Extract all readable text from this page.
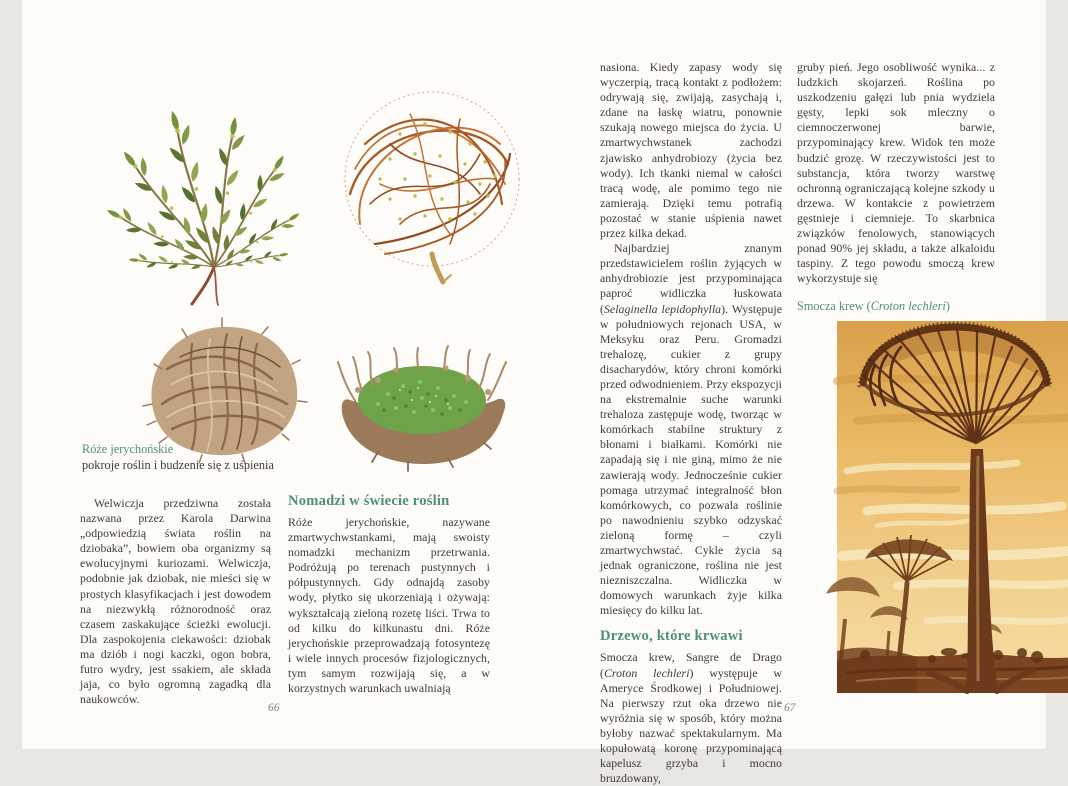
Róże jerychońskie
pokroje roślin i budzenie się z uśpienia

Welwiczja przedziwna została nazwana przez Karola Darwina „odpowiedzią świata roślin na dziobaka”, bowiem oba organizmy są ewolucyjnymi kuriozami. Welwiczja, podobnie jak dziobak, nie mieści się w prostych klasyfikacjach i jest dowodem na niezwykłą różnorodność oraz czasem zaskakujące ścieżki ewolucji. Dla zaspokojenia ciekawości: dziobak ma dziób i nogi kaczki, ogon bobra, futro wydry, jest ssakiem, ale składa jaja, co było ogromną zagadką dla naukowców.

Nomadzi w świecie roślin

Róże jerychońskie, nazywane zmartwychwstankami, mają swoisty nomadzki mechanizm przetrwania. Podróżują po terenach pustynnych i półpustynnych. Gdy odnajdą zasoby wody, płytko się ukorzeniają i ożywają: wykształcają zieloną rozetę liści. Trwa to od kilku do kilkunastu dni. Róże jerychońskie przeprowadzają fotosyntezę i wiele innych procesów fizjologicznych, tym samym rozwijają się, a w korzystnych warunkach uwalniają

66

nasiona. Kiedy zapasy wody się wyczerpią, tracą kontakt z podłożem: odrywają się, zwijają, zasychają i, zdane na łaskę wiatru, ponownie szukają nowego miejsca do życia. U zmartwychwstanek zachodzi zjawisko anhydrobiozy (życia bez wody). Ich tkanki niemal w całości tracą wodę, ale pomimo tego nie zamierają. Dzięki temu potrafią pozostać w stanie uśpienia nawet przez kilka dekad.

Najbardziej znanym przedstawicielem roślin żyjących w anhydrobiozie jest przypominająca paproć widliczka łuskowata (Selaginella lepidophylla). Występuje w południowych rejonach USA, w Meksyku oraz Peru. Gromadzi trehalozę, cukier z grupy disacharydów, który chroni komórki przed odwodnieniem. Przy ekspozycji na ekstremalnie suche warunki trehaloza zastępuje wodę, tworząc w komórkach stabilne struktury z błonami i białkami. Komórki nie zapadają się i nie giną, mimo że nie zawierają wody. Jednocześnie cukier pomaga utrzymać integralność błon komórkowych, co pozwala roślinie po nawodnieniu szybko odzyskać zieloną formę – czyli zmartwychwstać. Cykle życia są jednak ograniczone, roślina nie jest niezniszczalna. Widliczka w domowych warunkach żyje kilka miesięcy do kilku lat.

Drzewo, które krwawi

Smocza krew, Sangre de Drago (Croton lechleri) występuje w Ameryce Środkowej i Południowej. Na pierwszy rzut oka drzewo nie wyróżnia się w sposób, który można byłoby nazwać spektakularnym. Ma kopułowatą koronę przypominającą kapelusz grzyba i mocno bruzdowany,

gruby pień. Jego osobliwość wynika... z ludzkich skojarzeń. Roślina po uszkodzeniu gałęzi lub pnia wydziela gęsty, lepki sok mleczny o ciemnoczerwonej barwie, przypominający krew. Widok ten może budzić grozę. W rzeczywistości jest to substancja, która tworzy warstwę ochronną ograniczającą kolejne szkody u drzewa. W kontakcie z powietrzem gęstnieje i ciemnieje. To skarbnica związków fenolowych, stanowiących ponad 90% jej składu, a także alkaloidu taspiny. Z tego powodu smoczą krew wykorzystuje się

Smocza krew (Croton lechleri)
67
